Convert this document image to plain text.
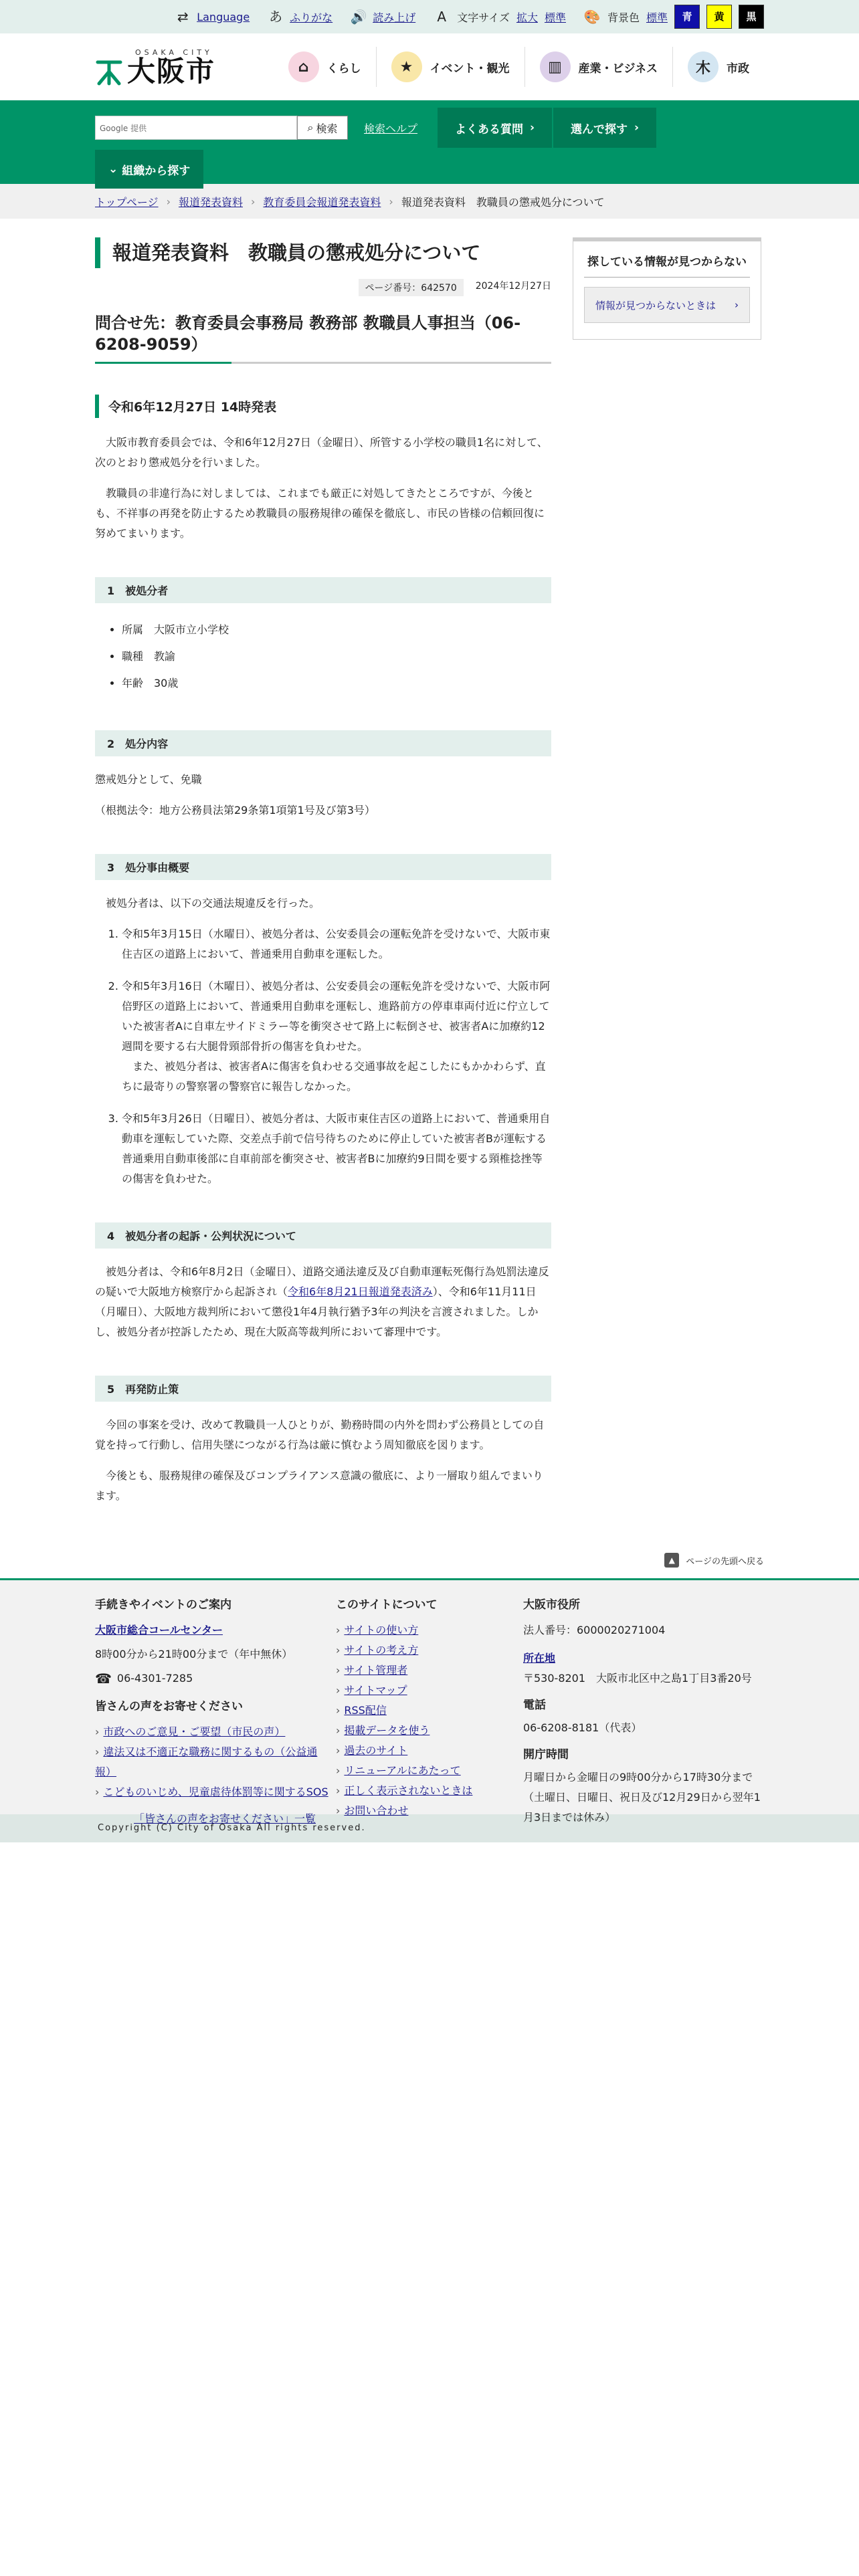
⇄ Language あ ふりがな 🔊 読み上げ	A	文字サイズ 拡大 標準 🎨 背景色 標準	青	黄	黒
OSAKA CITY
大阪市	⌂	くらし	★	イベント・観光	▥	産業・ビジネス	木	市政
Google 提供	⌕ 検索 検索ヘルプ	よくある質問 ›	選んで探す ›
⌄ 組織から探す
トップページ › 報道発表資料 › 教育委員会報道発表資料 › 報道発表資料　教職員の懲戒処分について
報道発表資料　教職員の懲戒処分について
ページ番号：642570	2024年12月27日
問合せ先：教育委員会事務局 教務部 教職員人事担当（06-6208-9059）
令和6年12月27日 14時発表

大阪市教育委員会では、令和6年12月27日（金曜日）、所管する小学校の職員1名に対して、次のとおり懲戒処分を行いました。

教職員の非違行為に対しましては、これまでも厳正に対処してきたところですが、今後とも、不祥事の再発を防止するため教職員の服務規律の確保を徹底し、市民の皆様の信頼回復に努めてまいります。

1　被処分者
• 所属　大阪市立小学校
• 職種　教諭
• 年齢　30歳
2　処分内容

懲戒処分として、免職

（根拠法令：地方公務員法第29条第1項第1号及び第3号）

3　処分事由概要

被処分者は、以下の交通法規違反を行った。

1. 令和5年3月15日（水曜日）、被処分者は、公安委員会の運転免許を受けないで、大阪市東住吉区の道路上において、普通乗用自動車を運転した。
2. 令和5年3月16日（木曜日）、被処分者は、公安委員会の運転免許を受けないで、大阪市阿倍野区の道路上において、普通乗用自動車を運転し、進路前方の停車車両付近に佇立していた被害者Aに自車左サイドミラー等を衝突させて路上に転倒させ、被害者Aに加療約12週間を要する右大腿骨頸部骨折の傷害を負わせた。
また、被処分者は、被害者Aに傷害を負わせる交通事故を起こしたにもかかわらず、直ちに最寄りの警察署の警察官に報告しなかった。
3. 令和5年3月26日（日曜日）、被処分者は、大阪市東住吉区の道路上において、普通乗用自動車を運転していた際、交差点手前で信号待ちのために停止していた被害者Bが運転する普通乗用自動車後部に自車前部を衝突させ、被害者Bに加療約9日間を要する頸椎捻挫等の傷害を負わせた。
4　被処分者の起訴・公判状況について

被処分者は、令和6年8月2日（金曜日）、道路交通法違反及び自動車運転死傷行為処罰法違反の疑いで大阪地方検察庁から起訴され（令和6年8月21日報道発表済み）、令和6年11月11日（月曜日）、大阪地方裁判所において懲役1年4月執行猶予3年の判決を言渡されました。しかし、被処分者が控訴したため、現在大阪高等裁判所において審理中です。

5　再発防止策

今回の事案を受け、改めて教職員一人ひとりが、勤務時間の内外を問わず公務員としての自覚を持って行動し、信用失墜につながる行為は厳に慎むよう周知徹底を図ります。

今後とも、服務規律の確保及びコンプライアンス意識の徹底に、より一層取り組んでまいります。

探している情報が見つからない
情報が見つからないときは ›
▲	ページの先頭へ戻る
手続きやイベントのご案内
大阪市総合コールセンター
8時00分から21時00分まで（年中無休）
☎ 06-4301-7285
皆さんの声をお寄せください
› 市政へのご意見・ご要望（市民の声）
› 違法又は不適正な職務に関するもの（公益通報）
› こどものいじめ、児童虐待体罰等に関するSOS
「皆さんの声をお寄せください」一覧
このサイトについて
› サイトの使い方
› サイトの考え方
› サイト管理者
› サイトマップ
› RSS配信
› 掲載データを使う
› 過去のサイト
› リニューアルにあたって
› 正しく表示されないときは
› お問い合わせ
大阪市役所
法人番号：6000020271004
所在地
〒530-8201　大阪市北区中之島1丁目3番20号
電話
06-6208-8181（代表）
開庁時間
月曜日から金曜日の9時00分から17時30分まで
（土曜日、日曜日、祝日及び12月29日から翌年1月3日までは休み）
Copyright (C) City of Osaka All rights reserved.
